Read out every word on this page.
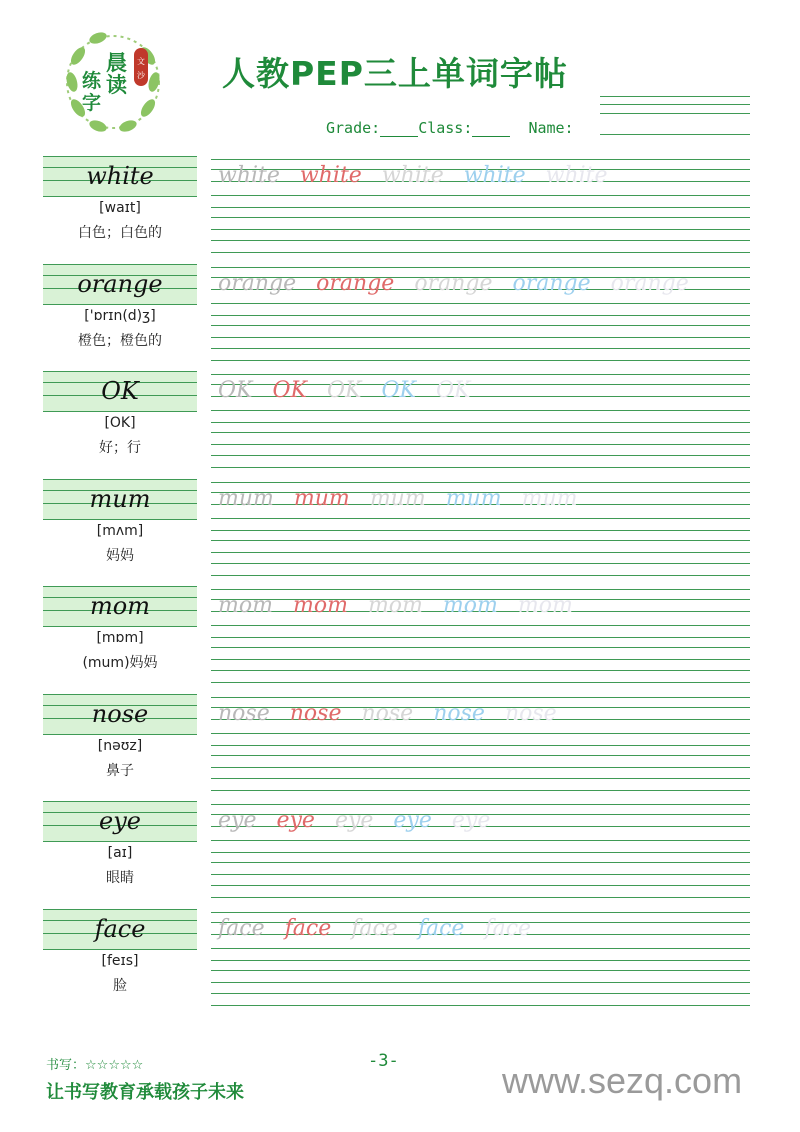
文
沙
晨读
练字
人教PEP三上单词字帖
Grade:	Class:	Name:
white
[waɪt]
白色；白色的
white white white white white
orange
['ɒrɪn(d)ʒ]
橙色；橙色的
orange orange orange orange orange
OK
[OK]
好；行
OK OK OK OK OK
mum
[mʌm]
妈妈
mum mum mum mum mum
mom
[mɒm]
(mum)妈妈
mom mom mom mom mom
nose
[nəʊz]
鼻子
nose nose nose nose nose
eye
[aɪ]
眼睛
eye eye eye eye eye
face
[feɪs]
脸
face face face face face
书写：☆☆☆☆☆	-3-
让书写教育承载孩子未来	www.sezq.com
